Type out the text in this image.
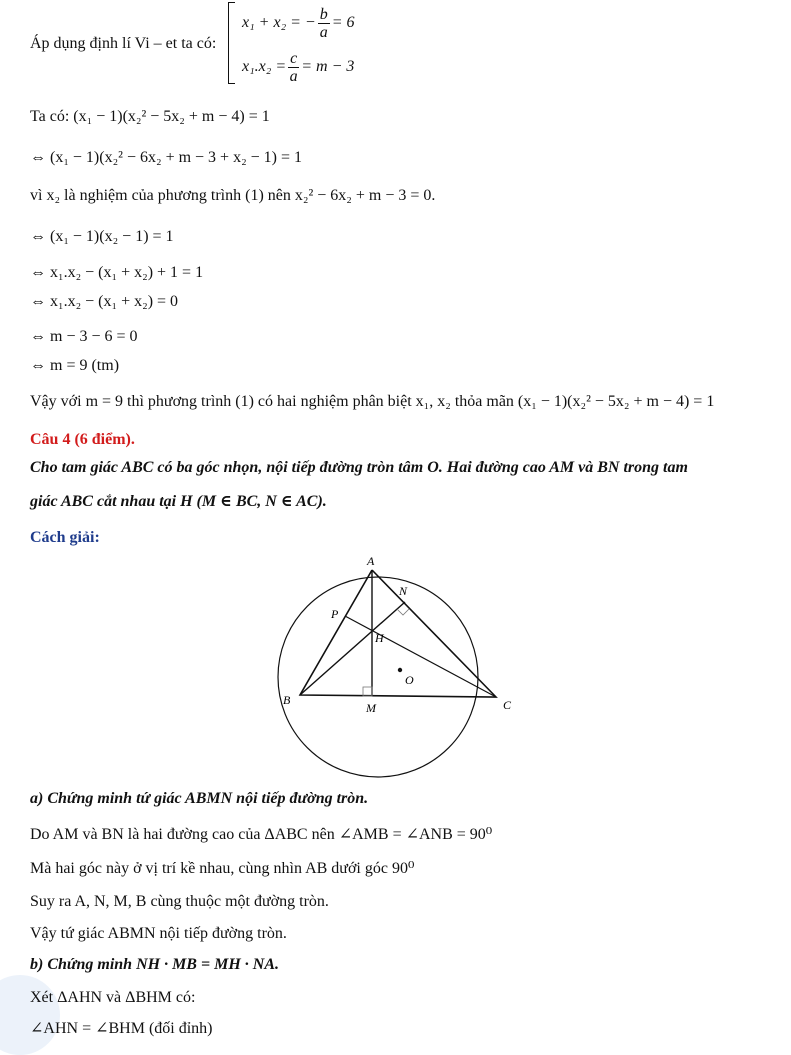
Áp dụng định lí Vi – et ta có:
x₁ + x₂ = − $\frac{b}{a} = 6$
$x_1.x_2 = \frac{c}{a} = m - 3$
Ta có: (x₁ − 1)(x₂² − 5x₂ + m − 4) = 1
⇔ (x₁ − 1)(x₂² − 6x₂ + m − 3 + x₂ − 1) = 1
vì x₂ là nghiệm của phương trình (1) nên x₂² − 6x₂ + m − 3 = 0.
⇔ (x₁ − 1)(x₂ − 1) = 1
⇔ x₁.x₂ − (x₁ + x₂) + 1 = 1
⇔ x₁.x₂ − (x₁ + x₂) = 0
⇔ m − 3 − 6 = 0
⇔ m = 9 (tm)
Vậy với m = 9 thì phương trình (1) có hai nghiệm phân biệt x₁, x₂ thỏa mãn (x₁ − 1)(x₂² − 5x₂ + m − 4) = 1
Câu 4 (6 điểm).
Cho tam giác ABC có ba góc nhọn, nội tiếp đường tròn tâm O. Hai đường cao AM và BN trong tam
giác ABC cắt nhau tại H (M ∈ BC, N ∈ AC).
Cách giải:
A
B	C
M
N
P
H
O
a) Chứng minh tứ giác ABMN nội tiếp đường tròn.
Do AM và BN là hai đường cao của ΔABC nên ∠AMB = ∠ANB = 90⁰
Mà hai góc này ở vị trí kề nhau, cùng nhìn AB dưới góc 90⁰
Suy ra A, N, M, B cùng thuộc một đường tròn.
Vậy tứ giác ABMN nội tiếp đường tròn.
b) Chứng minh NH · MB = MH · NA.
Xét ΔAHN và ΔBHM có:
∠AHN = ∠BHM (đối đỉnh)
